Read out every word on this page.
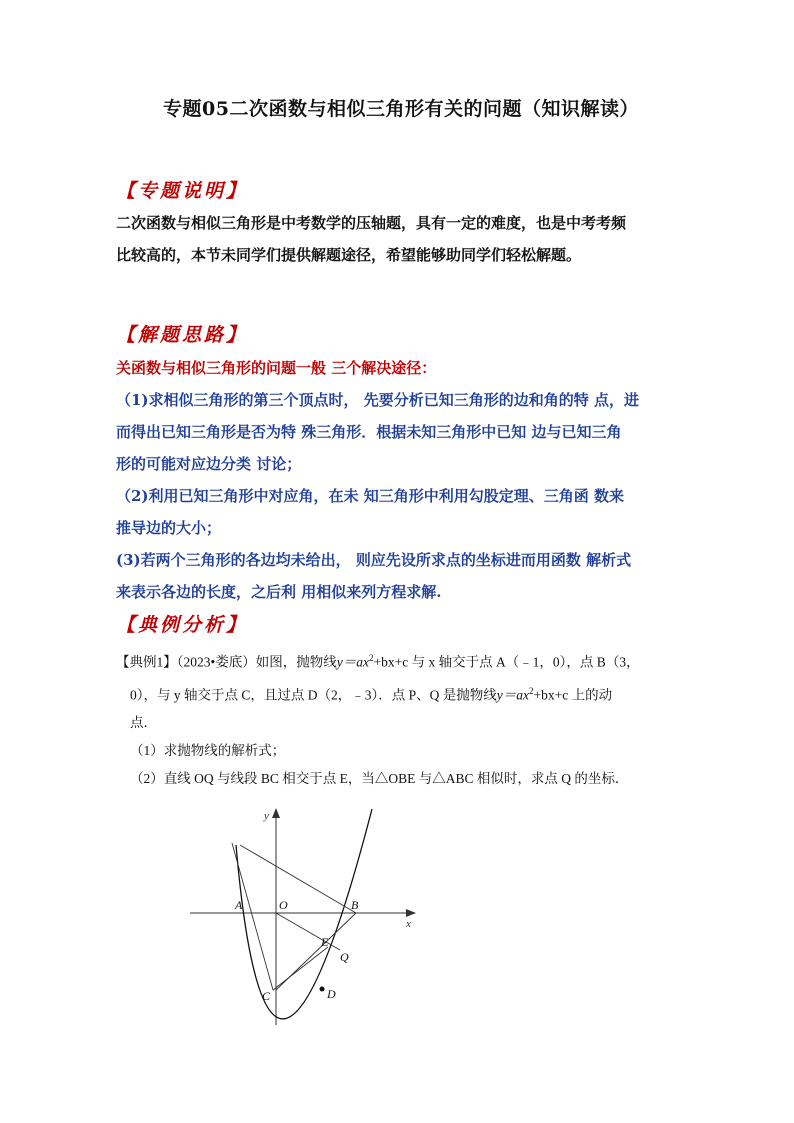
专题05二次函数与相似三角形有关的问题（知识解读）
【专题说明】
二次函数与相似三角形是中考数学的压轴题，具有一定的难度，也是中考考频
比较高的，本节未同学们提供解题途径，希望能够助同学们轻松解题。
【解题思路】
关函数与相似三角形的问题一般 三个解决途径：
（1)求相似三角形的第三个顶点时， 先要分析已知三角形的边和角的特 点，进
而得出已知三角形是否为特 殊三角形．根据未知三角形中已知 边与已知三角
形的可能对应边分类 讨论；
（2)利用已知三角形中对应角，在未 知三角形中利用勾股定理、三角函 数来
推导边的大小；
(3)若两个三角形的各边均未给出， 则应先设所求点的坐标进而用函数 解析式
来表示各边的长度，之后利 用相似来列方程求解.
【典例分析】
【典例1】（2023•娄底）如图，抛物线$y=ax^2+bx+c$ 与 x 轴交于点 A（﹣1，0），点 B（3，
0），与 y 轴交于点 C，且过点 D（2，﹣3）．点 P、Q 是抛物线$y=ax^2+bx+c$ 上的动
点．
（1）求抛物线的解析式；
（2）直线 OQ 与线段 BC 相交于点 E，当△OBE 与△ABC 相似时，求点 Q 的坐标．
y
x
O
A	B
C	D
E
Q
